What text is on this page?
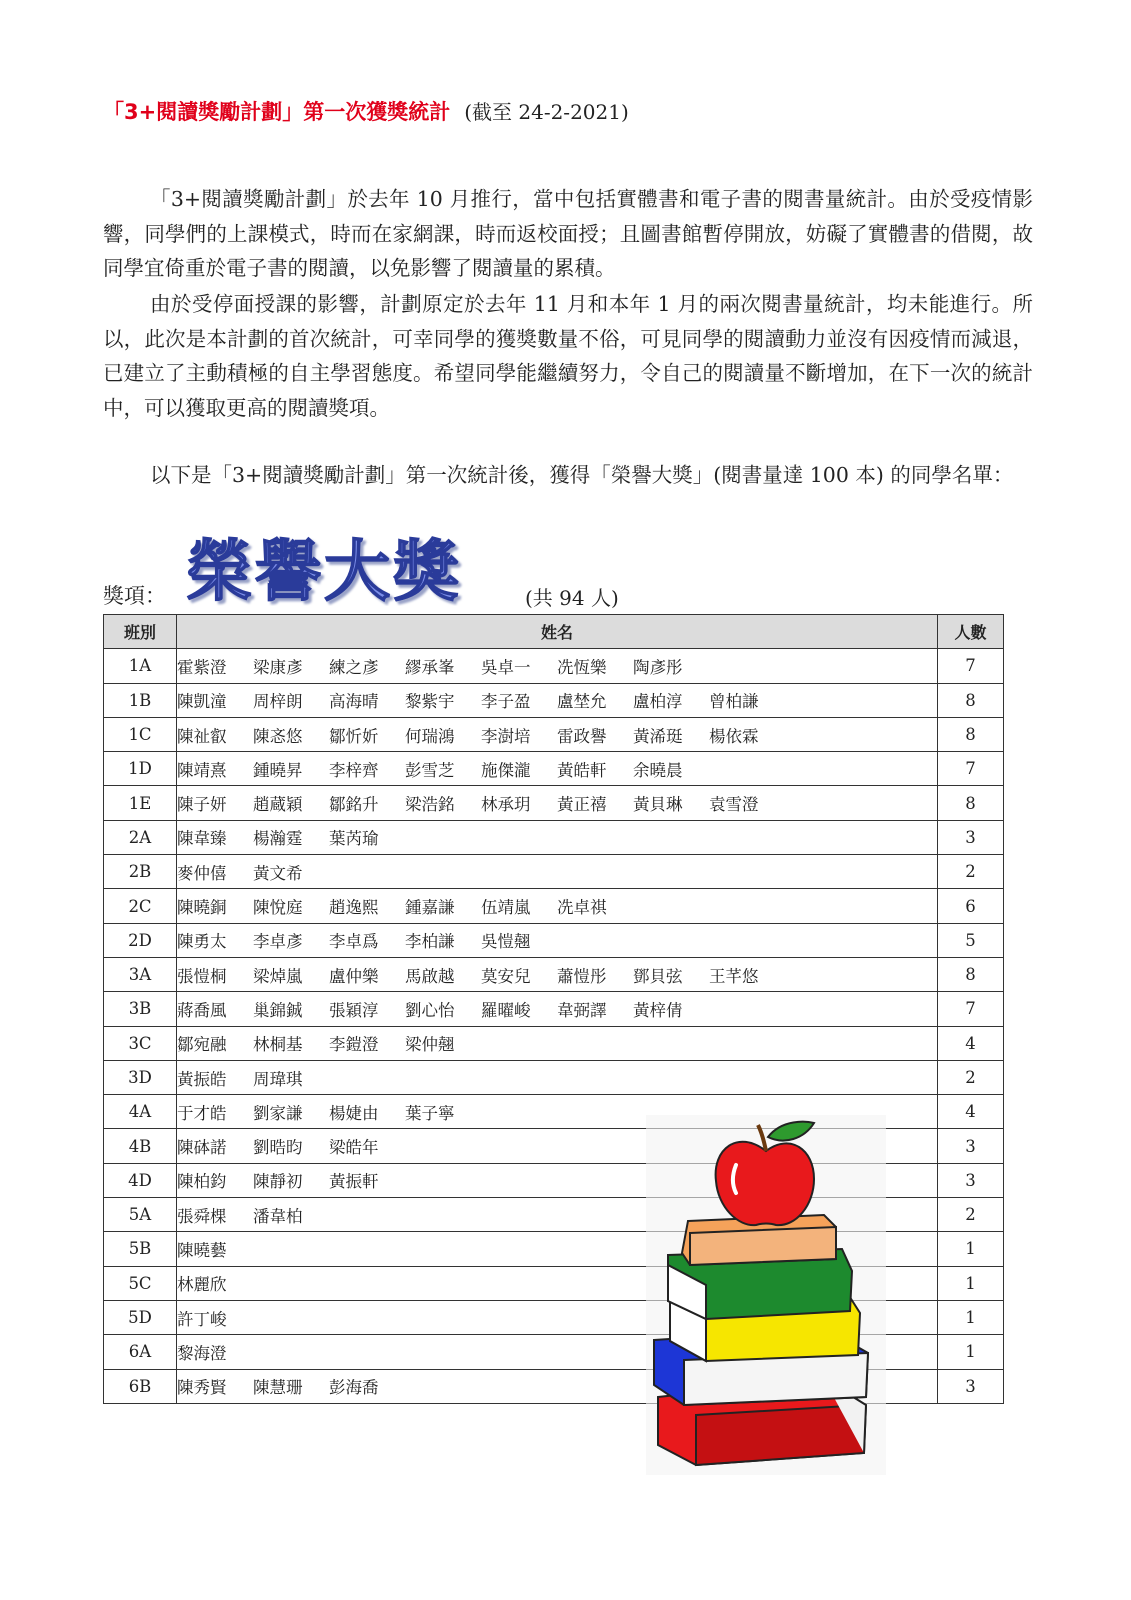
「3+閱讀獎勵計劃」第一次獲獎統計 (截至 24-2-2021)

「3+閱讀獎勵計劃」於去年 10 月推行，當中包括實體書和電子書的閱書量統計。由於受疫情影響，同學們的上課模式，時而在家網課，時而返校面授；且圖書館暫停開放，妨礙了實體書的借閱，故同學宜倚重於電子書的閱讀，以免影響了閱讀量的累積。

由於受停面授課的影響，計劃原定於去年 11 月和本年 1 月的兩次閱書量統計，均未能進行。所以，此次是本計劃的首次統計，可幸同學的獲獎數量不俗，可見同學的閱讀動力並沒有因疫情而減退，已建立了主動積極的自主學習態度。希望同學能繼續努力，令自己的閱讀量不斷增加，在下一次的統計中，可以獲取更高的閱讀獎項。

以下是「3+閱讀獎勵計劃」第一次統計後，獲得「榮譽大獎」(閱書量達 100 本) 的同學名單：

獎項： 榮譽大獎	(共 94 人)
班別	姓名	人數
1A	霍紫澄 梁康彥 練之彥 繆承峯 吳卓一 冼恆樂 陶彥彤	7
1B	陳凱潼 周梓朗 高海晴 黎紫宇 李子盈 盧埜允 盧柏淳 曾柏謙	8
1C	陳祉叡 陳忞悠 鄒忻妡 何瑞鴻 李澍培 雷政譽 黃浠珽 楊依霖	8
1D	陳靖熹 鍾曉昇 李梓齊 彭雪芝 施傑瀧 黃皓軒 余曉晨	7
1E	陳子妍 趙蔵穎 鄒銘升 梁浩銘 林承玥 黃正禧 黃貝琳 袁雪澄	8
2A	陳韋臻 楊瀚霆 葉芮瑜	3
2B	麥仲僖 黃文希	2
2C	陳曉銅 陳悅庭 趙逸熙 鍾嘉謙 伍靖嵐 冼卓祺	6
2D	陳勇太 李卓彥 李卓爲 李柏謙 吳愷翹	5
3A	張愷桐 梁焯嵐 盧仲樂 馬啟越 莫安兒 蕭愷彤 鄧貝弦 王芊悠	8
3B	蔣喬風 巢錦鋮 張穎淳 劉心怡 羅曜峻 韋弼譯 黃梓倩	7
3C	鄒宛融 林桐基 李鎧澄 梁仲翹	4
3D	黃振皓 周瑋琪	2
4A	于才皓 劉家謙 楊婕由 葉子寧	4
4B	陳砵諾 劉晧昀 梁皓年	3
4D	陳柏鈞 陳靜初 黃振軒	3
5A	張舜棵 潘韋柏	2
5B	陳曉藝	1
5C	林麗欣	1
5D	許丁峻	1
6A	黎海澄	1
6B	陳秀賢 陳慧珊 彭海喬	3
